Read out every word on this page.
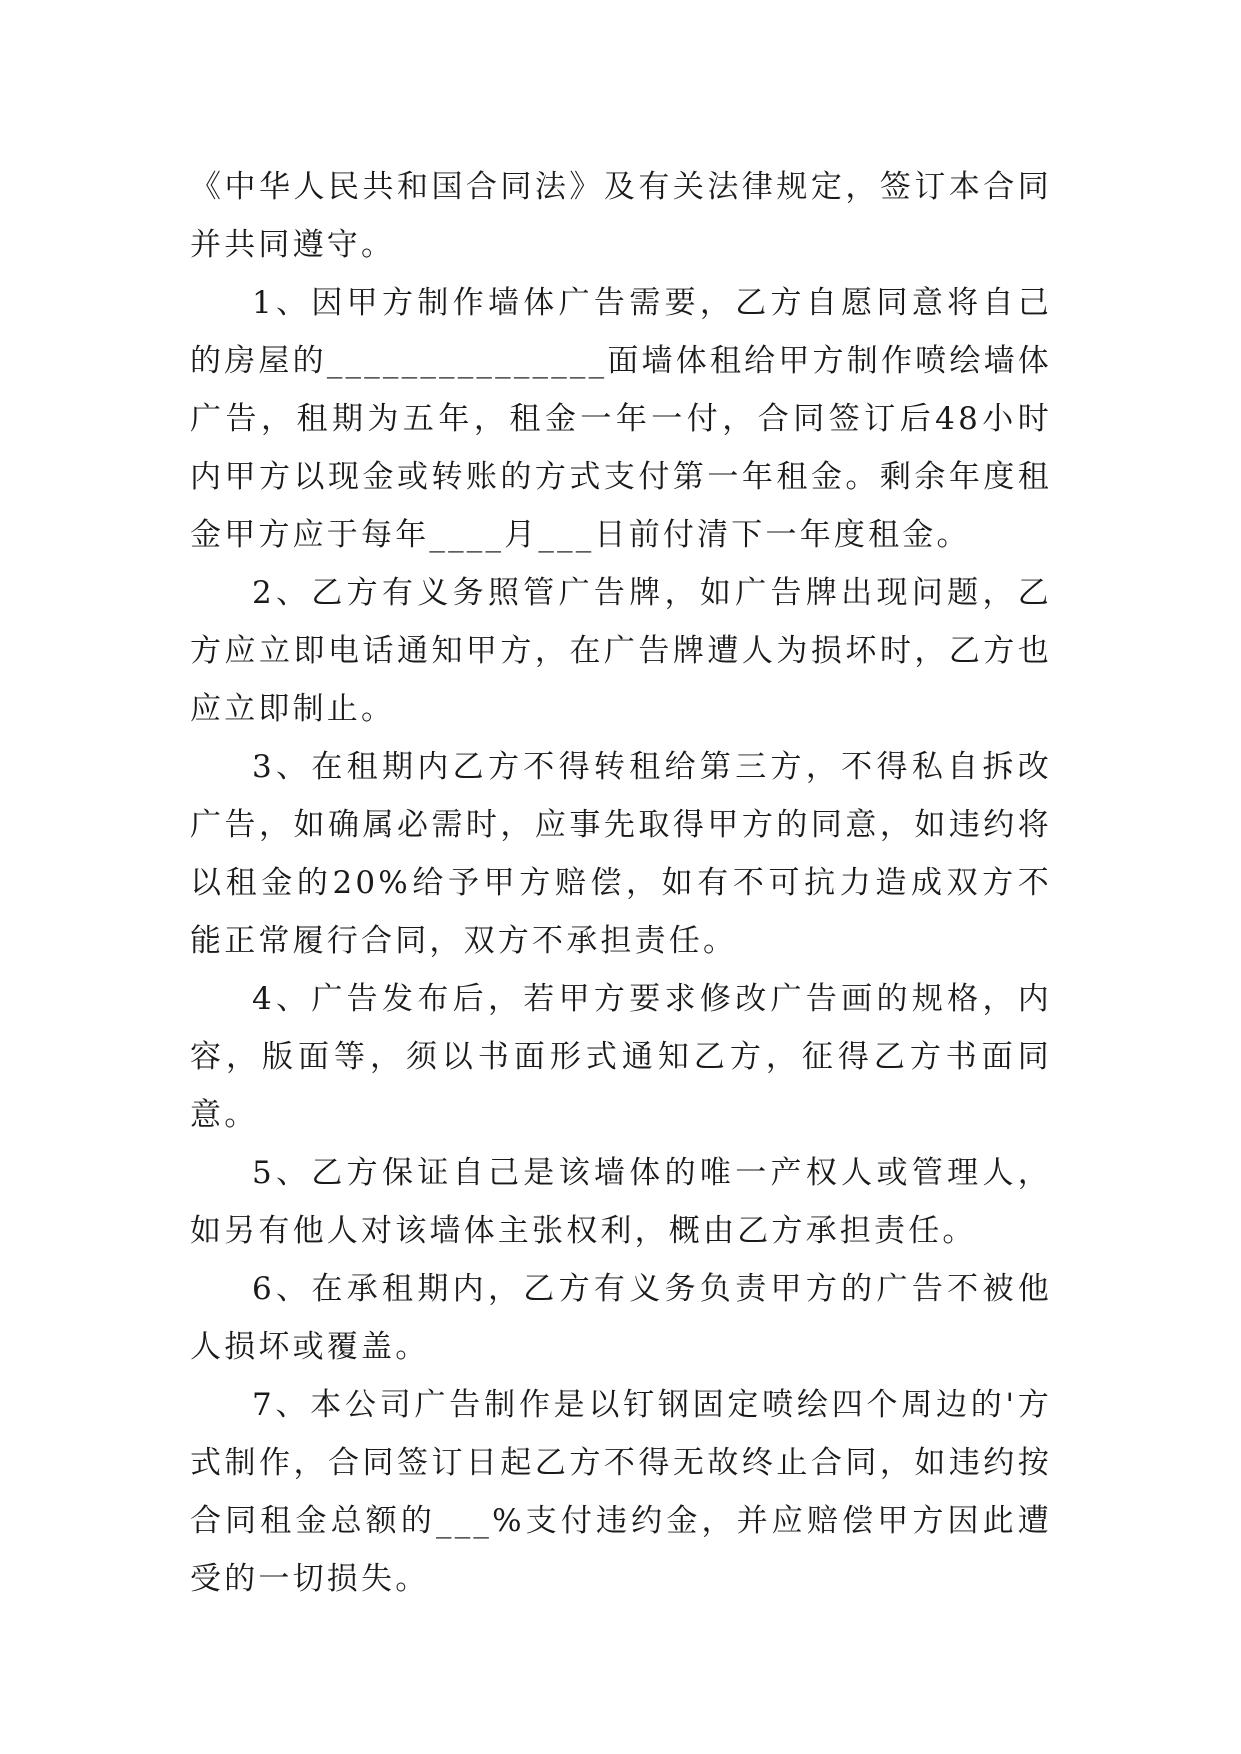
《中华人民共和国合同法》及有关法律规定，签订本合同并共同遵守。

1、因甲方制作墙体广告需要，乙方自愿同意将自己的房屋的_______________面墙体租给甲方制作喷绘墙体广告，租期为五年，租金一年一付，合同签订后48小时内甲方以现金或转账的方式支付第一年租金。剩余年度租金甲方应于每年____月___日前付清下一年度租金。

2、乙方有义务照管广告牌，如广告牌出现问题，乙方应立即电话通知甲方，在广告牌遭人为损坏时，乙方也应立即制止。

3、在租期内乙方不得转租给第三方，不得私自拆改广告，如确属必需时，应事先取得甲方的同意，如违约将以租金的20%给予甲方赔偿，如有不可抗力造成双方不能正常履行合同，双方不承担责任。

4、广告发布后，若甲方要求修改广告画的规格，内容，版面等，须以书面形式通知乙方，征得乙方书面同意。

5、乙方保证自己是该墙体的唯一产权人或管理人，如另有他人对该墙体主张权利，概由乙方承担责任。

6、在承租期内，乙方有义务负责甲方的广告不被他人损坏或覆盖。

7、本公司广告制作是以钉钢固定喷绘四个周边的'方式制作，合同签订日起乙方不得无故终止合同，如违约按合同租金总额的___%支付违约金，并应赔偿甲方因此遭受的一切损失。
